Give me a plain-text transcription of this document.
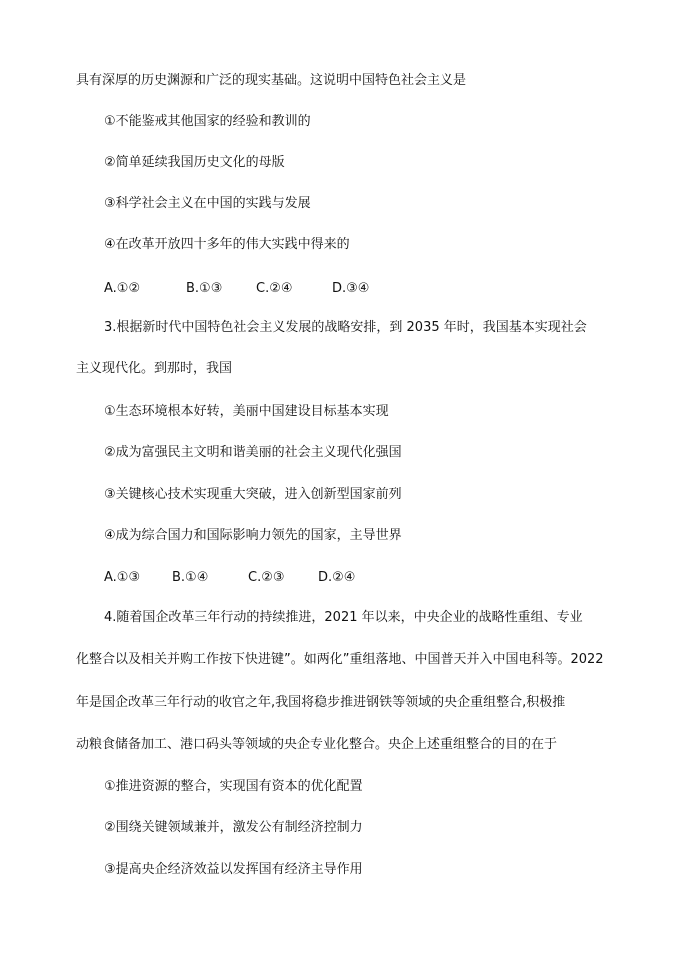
具有深厚的历史渊源和广泛的现实基础。这说明中国特色社会主义是
①不能鉴戒其他国家的经验和教训的
②简单延续我国历史文化的母版
③科学社会主义在中国的实践与发展
④在改革开放四十多年的伟大实践中得来的
A.①②	B.①③	C.②④	D.③④
3.根据新时代中国特色社会主义发展的战略安排，到 2035 年时，我国基本实现社会
主义现代化。到那时，我国
①生态环境根本好转，美丽中国建设目标基本实现
②成为富强民主文明和谐美丽的社会主义现代化强国
③关键核心技术实现重大突破，进入创新型国家前列
④成为综合国力和国际影响力领先的国家，主导世界
A.①③ B.①④	C.②③	D.②④
4.随着国企改革三年行动的持续推进，2021 年以来，中央企业的战略性重组、专业
化整合以及相关并购工作按下快进键”。如两化”重组落地、中国普天并入中国电科等。2022
年是国企改革三年行动的收官之年,我国将稳步推进钢铁等领域的央企重组整合,积极推
动粮食储备加工、港口码头等领域的央企专业化整合。央企上述重组整合的目的在于
①推进资源的整合，实现国有资本的优化配置
②围绕关键领域兼并，激发公有制经济控制力
③提高央企经济效益以发挥国有经济主导作用
